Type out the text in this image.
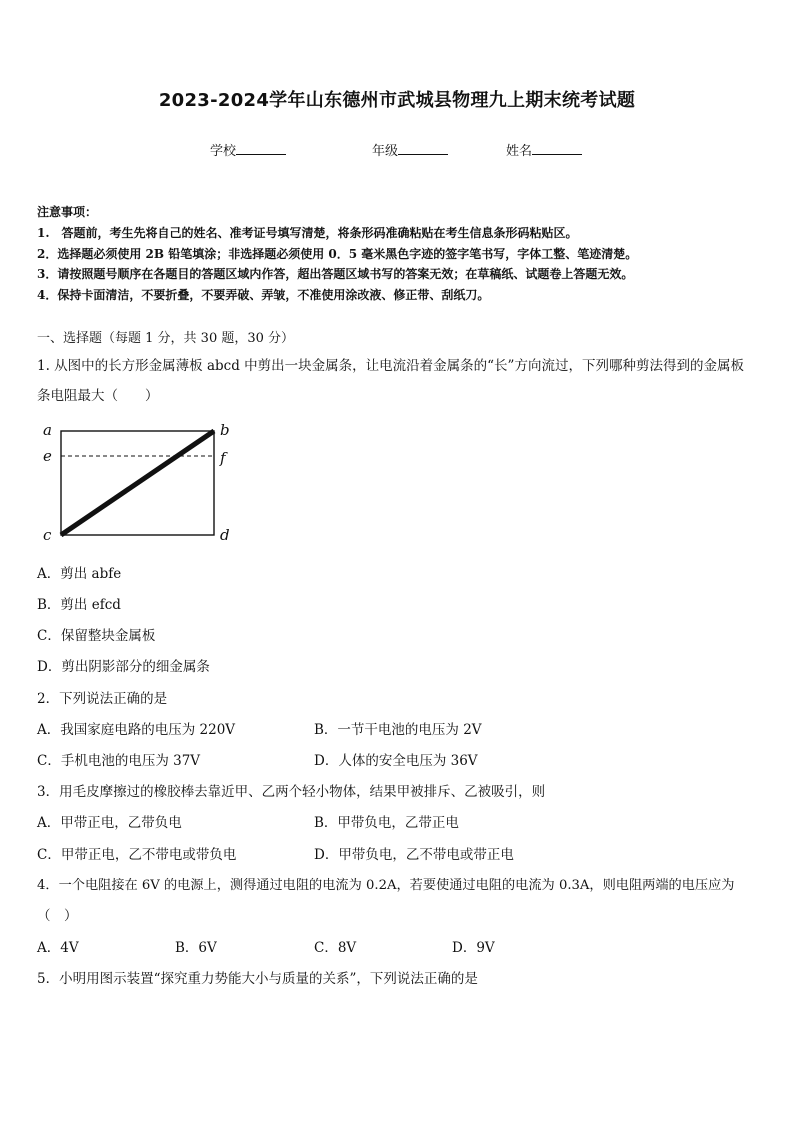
2023-2024学年山东德州市武城县物理九上期末统考试题
学校	年级	姓名
注意事项：
1.　答题前，考生先将自己的姓名、准考证号填写清楚，将条形码准确粘贴在考生信息条形码粘贴区。
2．选择题必须使用 2B 铅笔填涂；非选择题必须使用 0．5 毫米黑色字迹的签字笔书写，字体工整、笔迹清楚。
3．请按照题号顺序在各题目的答题区域内作答，超出答题区域书写的答案无效；在草稿纸、试题卷上答题无效。
4．保持卡面清洁，不要折叠，不要弄破、弄皱，不准使用涂改液、修正带、刮纸刀。
一、选择题（每题 1 分，共 30 题，30 分）
1. 从图中的长方形金属薄板 abcd 中剪出一块金属条，让电流沿着金属条的“长”方向流过，下列哪种剪法得到的金属板
条电阻最大（　　）
a	b
e	f
c	d
A．剪出 abfe
B．剪出 efcd
C．保留整块金属板
D．剪出阴影部分的细金属条
2．下列说法正确的是
A．我国家庭电路的电压为 220V	B．一节干电池的电压为 2V
C．手机电池的电压为 37V	D．人体的安全电压为 36V
3．用毛皮摩擦过的橡胶棒去靠近甲、乙两个轻小物体，结果甲被排斥、乙被吸引，则
A．甲带正电，乙带负电	B．甲带负电，乙带正电
C．甲带正电，乙不带电或带负电	D．甲带负电，乙不带电或带正电
4．一个电阻接在 6V 的电源上，测得通过电阻的电流为 0.2A，若要使通过电阻的电流为 0.3A，则电阻两端的电压应为
（　）
A．4V	B．6V	C．8V	D．9V
5．小明用图示装置“探究重力势能大小与质量的关系”，下列说法正确的是
